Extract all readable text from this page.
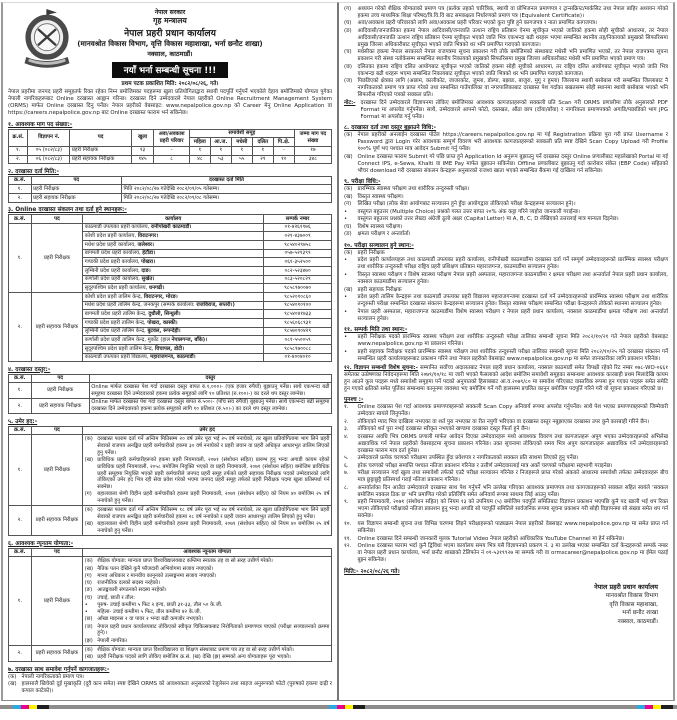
नेपाल सरकार
गृह मन्त्रालय
नेपाल प्रहरी प्रधान कार्यालय
(मानवश्रोत विकास विभाग, वृत्ति विकास महाशाखा, भर्ना छनौट शाखा)
नक्साल, काठमाडौं।
नयाँ भर्ना सम्बन्धी सूचना !!!
प्रथम पटक प्रकाशित मिति: २०८२/०८/२६, गते।

नेपाल प्रहरीमा जनपद प्रहरी समूहतर्फ रिक्त रहेका निम्न बमोजिमका पदहरूमा खुला प्रतियोगिताद्वारा स्थायी पदपूर्ति गर्नुपर्ने भएकोले देहाय बमोजिमको योग्यता पुगेका नेपाली नागरिकहरूबाट Online दरखास्त आह्वान गरिन्छ। दरखास्त दिने उम्मेदवारले नेपाल प्रहरीको Online Recruitment Management System (ORMS) मार्फत Online दरखास्त दिनु पर्नेछ। नेपाल प्रहरीको वेबसाइट: www.nepalpolice.gov.np को Career मेनु Online Application वा https://careers.nepalpolice.gov.np बाट Online दरखास्त फाराम भर्न सकिनेछ।

१. आवश्यक माग पद संख्या:-
क्र.सं.	विज्ञापन नं.	पद	खुला	अवा/अवकाश प्रहरी परिवार	समावेशी समूह					जम्मा माग पद संख्या
					महिला	आ.ज.	मधेसी	दलित	पि.क्षे.	
१.	०५ (०८२/८३)	प्रहरी निरीक्षक	१३	-	१	१	१	१	-	१७
२.	०६ (०८२/८३)	प्रहरी सहायक निरीक्षक	१४५	८	४८	५३	५५	२९	१०	३४८
२. दरखास्त दर्ता मिति:-
क्र.सं.	पद	दरखास्त दर्ता मिति
१.	प्रहरी निरीक्षक	मिति २०८२/०८/२७ गतेदेखि २०८२/०९/०५ गतेसम्म।
२.	प्रहरी सहायक निरीक्षक	मिति २०८२/०८/२७ गतेदेखि २०८२/०९/०८ गतेसम्म।
३. Online दरखास्त संकलन तथा दर्ता हुने स्थानहरू:-
क्र.सं.	पद	कार्यालय	सम्पर्क नम्बर
१.	प्रहरी निरीक्षक	काठमाडौं उपत्यका प्रहरी कार्यालय, रानीपोखरी काठमाडौं।	०१-४२६१९७६
		कोशी प्रदेश प्रहरी कार्यालय, विराटनगर।	०२१-४३७००९
		मधेश प्रदेश प्रहरी कार्यालय, जलेश्वर।	९८५४०२९७५८
		बागमती प्रदेश प्रहरी कार्यालय, हेटौंडा।	०५७-५२१३९९
		गण्डकी प्रदेश प्रहरी कार्यालय, पोखरा।	०६१-३५२५००
		लुम्बिनी प्रदेश प्रहरी कार्यालय, दाङ।	०८२-५२३४७०
		कर्णाली प्रदेश प्रहरी कार्यालय, सुर्खेत।	०८३-५२०८२९
		सुदूरपश्चिम प्रदेश प्रहरी कार्यालय, धनगढी।	९८५८९७००७०
२.	प्रहरी सहायक निरीक्षक	कोशी प्रदेश प्रहरी तालिम केन्द्र, विराटनगर, मोरङ।	९८५२०१०८६०
		मधेश प्रदेश प्रहरी तालिम केन्द्र, जनकपुर (सम्पर्क कार्यालय: राजविराज, सप्तरी।)	९८५४०१०१००
		बागमती प्रदेश प्रहरी तालिम केन्द्र, दुधौली, सिन्धुली।	९८५४०४१७३३
		गण्डकी प्रदेश प्रहरी तालिम केन्द्र, पोखरा, कास्की।	९८५६०६८९३१
		लुम्बिनी प्रदेश प्रहरी तालिम केन्द्र, बुटवल, रूपन्देही।	९८५७०९०४२९
		कर्णाली प्रदेश प्रहरी तालिम केन्द्र, मुर्कोट (हाल नेपालगन्ज, बाँके)।	०८१-५५००५९
		सुदूरपश्चिम प्रदेश प्रहरी तालिम केन्द्र, विचापल, डोटी।	९८५८९७००८८
		काठमाडौं उपत्यका प्रहरी विद्यालय, महाराजगन्ज, काठमाडौं।	०१-४००४०१०
४. दरखास्त दस्तुर:-
क्र.सं.	पद	दस्तुर
१.	प्रहरी निरीक्षक	Online मार्फत दरखास्त पेश गर्दा दरखास्त दस्तुर बापत रु.१,०००।- (एक हजार रुपैयाँ) बुझाउनु पर्नेछ। साथै एकभन्दा बढी समूहमा दरखास्त दिने उम्मेदवारको हकमा प्रत्येक समूहको लागि १० प्रतिशत (रु.१००।-) का दरले थप दस्तुर लाग्नेछ।
२.	प्रहरी सहायक निरीक्षक	Online मार्फत दरखास्त पेश गर्दा दरखास्त दस्तुर बापत रु.५००।- (पाँच सय रुपैयाँ) बुझाउनु पर्नेछ। साथै एकभन्दा बढी समूहमा दरखास्त दिने उम्मेदवारको हकमा प्रत्येक समूहको लागि १० प्रतिशत (रु.५०।-) का दरले थप दस्तुर लाग्नेछ।
५. उमेर हद:-
क्र.सं.	पद	उमेर हद
१.	प्रहरी निरीक्षक	
(क) दरखास्त फाराम दर्ता गर्ने अन्तिम मितिसम्म २० वर्ष उमेर पूरा भई २५ वर्ष ननाघेको, तर खुला प्रतियोगितामा भाग लिने प्रहरी सेवाको राजपत्र अनङ्कित प्रहरी कर्मचारीको हकमा ३० वर्ष ननाघेको र प्रहरी जवान वा प्रहरी अधिकृत आधारभूत तालिम लिएको हुनु पर्नेछ।
(ख) प्राविधिक प्रहरी कर्मचारीहरूको हकमा प्रहरी नियमावली, २०७१ (संशोधन सहित) प्रारम्भ हुनु भन्दा अगाडी कायम रहेको प्राविधिक प्रहरी नियमावली, २०५८ बमोजिम नियुक्ति भएको वा प्रहरी नियमावली, २०७१ (संशोधन सहित) बमोजिम प्राविधिक प्रहरी समूहमा नियुक्ति भएको प्रहरी कर्मचारीले जनपद प्रहरी समूह तर्फको प्रहरी सहायक निरीक्षक पदको उम्मेदवारको लागि तोकिएको उमेर हद भित्र रही सेवा प्रवेश गरेको भएमा जनपद प्रहरी समूह तर्फको प्रहरी निरीक्षक पदमा खुला प्रतिस्पर्धा गर्न सक्नेछ।
(ग)	बहालवाला श्रेणी विहीन प्रहरी कर्मचारीको हकमा प्रहरी नियमावली, २०७१ (संशोधन सहित) को नियम ४० बमोजिम २५ वर्ष ननाघेको हुनु पर्नेछ।

२.	प्रहरी सहायक निरीक्षक	(क) दरखास्त फाराम दर्ता गर्ने अन्तिम मितिसम्म १८ वर्ष उमेर पूरा भई २४ वर्ष ननाघेको, तर खुला प्रतियोगितामा भाग लिने प्रहरी सेवाको राजपत्र अनङ्कित प्रहरी कर्मचारीको हकमा २८ वर्ष ननाघेको र प्रहरी जवान आधारभूत तालिम लिएको हुनु पर्नेछ।
(ख) बहालवाला श्रेणी विहीन प्रहरी कर्मचारीको हकमा प्रहरी नियमावली, २०७१ (संशोधन सहित) को नियम ४० बमोजिम २५ वर्ष ननाघेको हुनु पर्नेछ।
६. आवश्यक न्यूनतम योग्यता:-
क्र.सं.	पद	आवश्यक न्यूनतम योग्यता
१.	प्रहरी निरीक्षक	
(क) शैक्षिक योग्यता: मान्यता प्राप्त विश्वविद्यालयबाट कम्तिमा स्नातक तह वा सो सरह उत्तीर्ण गरेको।
(ख) नैतिक पतन देखिने कुनै फौजदारी अभियोगमा सजाय नपाएको।
(ग)	मानव अधिकार र मानवीय कानूनको उल्लङ्घनमा सजाय नपाएको।
(घ)	राजनीतिक दलको सदस्य नरहेको।
(ङ) आतङ्ककारी संगठनको सदस्य नरहेको।
(च) उचाई, छाती र तौल:
•	पुरुष- उचाई कम्तीमा ५ फिट २ इन्च, छाती ३१-३३, तौल ५० के.जी.
•	महिला- उचाई कम्तीमा ५ फिट, तौल कम्तीमा ४२ के.जी.
(छ) आँखा माइनस २ वा पावर २ भन्दा बढी कमजोर नभएको।
(ज) नेपाल प्रहरी प्रधान कार्यालयबाट तोकिएको स्वीकृत चिकित्सकबाट निरोगिताको प्रमाणपत्र पाएको (परीक्षा सञ्चालनको क्रममा हुने)।
(झ) नेपाली नागरिक।

२.	प्रहरी सहायक निरीक्षक	(क) शैक्षिक योग्यता: मान्यता प्राप्त विश्वविद्यालय वा शिक्षण संस्थाबाट प्रमाण पत्र तह वा सो सरह उत्तीर्ण गरेको।
(ख) प्रहरी निरीक्षक पदको लागि तोकिए बमोजिम क्र.सं. (ख) देखि (झ) सम्मको अन्य योग्यताहरू पूरा भएको।
७. दरखास्त साथ समावेश गर्नुपर्ने कागजातहरू:-
(क) नेपाली नागरिकताको प्रमाण पत्र।
(ख) हालसालै खिचेको दुई मुखाकृति (दुवै कान समेत) स्पष्ट देखिने ORMS को आवश्यकता अनुसारको रेजुलेसन तथा साइज अनुरूपको फोटो (पुरुषको हकमा दाह्री र कपाल काटेको)।
(ग)	अध्ययन गरेको शैक्षिक योग्यताको प्रमाण पत्र (प्रत्येक तहको चारित्रिक, स्थायी वा प्रोभिजनल प्रमाणपत्र र ट्रान्सक्रिप्ट/मार्कसिट तथा नेपाल बाहिर अध्ययन गरेको हकमा उच्च माध्यमिक शिक्षा परिषद/त्रि.वि.वि बाट समकक्षता निर्धारणको प्रमाण पत्र (Equivalent Certificate)।
(घ)	अवा/अवकाश प्रहरी परिवारको लागि अवा/अवकाश प्रहरी परिवार भएको कुरा पुष्टि हुने कागजपत्र र नाता प्रमाणित कागजपत्र।
(ङ)	आदिवासी/जनजातिका हकमा नेपाल आदिवासी/जनजाति उत्थान राष्ट्रिय प्रतिष्ठान ऐनमा सूचीकृत भएको जातिको हकमा सोही सूचीको आधारमा, तर नेपाल आदिवासी/जनजाति उत्थान राष्ट्रिय प्रतिष्ठान ऐनमा सूचीकृत भएको जाति भित्र एकभन्दा बढी थरहरू भएमा सम्बन्धित स्थानीय तह/निकायको प्रमुखको सिफारिसमा प्रमुख जिल्ला अधिकारीबाट सूचीकृत भएको जाति भित्रको थर भनि प्रमाणित गराएको कागजात।
(च)	मधेसीका हकमा नेपाल सरकारले नेपाल राजपत्रमा सूचना प्रकाशन गरी तोके बमोजिमको संस्थाबाट मधेसी भनि प्रमाणित भएको, तर नेपाल राजपत्रमा सूचना प्रकाशन गरी संस्था नतोकेसम्म सम्बन्धित स्थानीय निकायको प्रमुखको सिफारिसमा प्रमुख जिल्ला अधिकारीबाट मधेसी भनि प्रमाणित भएको प्रमाण पत्र।
(छ)	दलितका हकमा राष्ट्रिय दलित आयोगबाट सूचीकृत भएको जातिको हकमा सोही सूचीको आधारमा, तर राष्ट्रिय दलित आयोगबाट सूचीकृत भएको जाति भित्र एकभन्दा बढी थरहरू भएमा सम्बन्धित निकायबाट सूचीकृत भएको जाति भित्रको थर भनि प्रमाणित गराएको कागजात।
(ज) पिछडिएको क्षेत्रका लागि (अछाम, कालीकोट, जाजरकोट, जुम्ला, डोल्पा, बझाङ, बाजुरा, मुगु र हुम्ला) जिल्लामा स्थायी बसोबास गरी सम्बन्धित जिल्लाबाट नै नागरिकताको प्रमाण पत्र प्राप्त गरेको तथा सम्बन्धित गाउँपालिका वा नगरपालिकाबाट दरखास्त पेश गर्दाका बखतसम्म सोही स्थानमा स्थायी बसोबास भएको भनि सिफारीस गरिएको पत्रको सक्कल प्रति।
नोट:- दरखास्त दिने उम्मेदवारले विज्ञापनमा तोकिए बमोजिमका आवश्यक कागजातहरूको सक्कली प्रति Scan गरी ORMS प्रणालीमा तोके अनुसारको PDF Format मा अपलोड गर्नुपर्नेछ। साथै, उम्मेदवारले आफ्नो फोटो, दस्तखत, औंठा छाप (दाँया/बाँया) र नागरिकता प्रमाणपत्रको अगाडि/पछाडिको भाग JPG Format मा अपलोड गर्नु पर्नेछ।
८. दरखास्त दर्ता तथा दस्तुर बुझाउने विधि:-
(क) नेपाल प्रहरीको अनलाईन दरखास्त पोर्टल https://careers.nepalpolice.gov.np मा गई Registration प्रक्रिया पुरा गरी प्राप्त Username र Password द्वारा Login गरेर आवश्यक सम्पूर्ण विवरण भरी आवश्यक कागजातहरूको सक्कली प्रति स्पष्ट देखिने Scan Copy Upload गरी Profile १००% पूर्ण भए पश्चात मात्र आवेदन Submit गर्नु पर्नेछ।
(ख) Online दरखास्त फाराम Submit गरे पछि प्राप्त हुने Application Id अनुरूप बुझाउनु पर्ने दरखास्त दस्तुर Online प्रणालीबाट महालेखाको Portal मा गई Connect IPS, e-Sewa, Khalti वा IME Pay मार्फत बुझाउन सकिनेछ। Offline प्रणालीबाट बुझाउनु गर्दा कारोबार संकेत (EBP Code) सहितको भौचर download गरी दरखास्त संकलन केन्द्रहरू अनुसारको राजश्व खाता भएको सम्बन्धित बैंकमा गई दाखिला गर्न सकिनेछ।
९. परीक्षा विधि:-
(क) प्रारम्भिक स्वास्थ्य परीक्षण तथा शारीरिक तन्दुरुस्ती परीक्षा।
(ख) विस्तृत स्वास्थ्य परीक्षण।
(ग)	लिखित परीक्षा (लोक सेवा आयोगबाट सञ्चालन हुने हुँदा आयोगद्वारा तोकिएको परीक्षा केन्द्रहरूमा सञ्चालन हुने)।
•	वस्तुगत बहुउत्तर (Multiple Choice) प्रश्नको गलत उत्तर बापत २०% अंक कट्टा गरिने व्यहोरा जानकारी गराईन्छ।
•	वस्तुगत बहुउत्तर प्रश्नको उत्तर लेख्दा अंग्रेजी ठूलो अक्षर (Capital Letter) मा A, B, C, D लेखिएको उत्तरलाई मात्र मान्यता दिइनेछ।
(घ)	विशेष स्वास्थ्य परीक्षण।
(ङ)	क्षमता परीक्षण र अन्तर्वार्ता।
१०. परीक्षा सञ्चालन हुने स्थान:-
(क) प्रहरी निरीक्षक
•	प्रदेश प्रहरी कार्यालयहरू तथा काठमाडौं उपत्यका प्रहरी कार्यालय, रानीपोखरी काठमाडौंमा दरखास्त दर्ता गर्ने सम्पूर्ण उम्मेदवारहरूको प्रारम्भिक स्वास्थ्य परीक्षण तथा शारीरिक तन्दुरुस्ती परीक्षा राष्ट्रिय प्रहरी प्रशिक्षण प्रतिष्ठान महाराजगन्ज, काठमाडौंमा सञ्चालन हुनेछ।
•	विस्तृत स्वास्थ्य परीक्षण र विशेष स्वास्थ्य परीक्षण नेपाल प्रहरी अस्पताल, महाराजगन्ज काठमाडौंमा र क्षमता परीक्षण तथा अन्तर्वार्ता नेपाल प्रहरी प्रधान कार्यालय, नक्साल काठमाडौंमा सञ्चालन हुनेछ।
(ख) प्रहरी सहायक निरीक्षक
•	प्रदेश प्रहरी तालिम केन्द्रहरू तथा काठमाडौं उपत्यका प्रहरी विद्यालय महाराजगन्जमा दरखास्त दर्ता गर्ने उम्मेदवारहरूको प्रारम्भिक स्वास्थ्य परीक्षण तथा शारीरिक तन्दुरुस्ती परीक्षा सम्बन्धित दरखास्त संकलन केन्द्रहरूमा सञ्चालन हुनेछ। विस्तृत स्वास्थ्य परीक्षण सम्बन्धित परीक्षा केन्द्रहरूले तोकेको स्थानमा सञ्चालन हुनेछ।
•	नेपाल प्रहरी अस्पताल, महाराजगन्ज काठमाडौंमा विशेष स्वास्थ्य परीक्षण र नेपाल प्रहरी प्रधान कार्यालय, नक्साल काठमाडौंमा क्षमता परीक्षण तथा अन्तर्वार्ता सञ्चालन हुनेछ।
११. सम्पर्क मिति तथा स्थान:-
•	प्रहरी निरीक्षक पदको प्रारम्भिक स्वास्थ्य परीक्षण तथा शारीरिक तन्दुरुस्ती परीक्षा तालिका सम्बन्धी सूचना मिति २०८२/१०/२१ गते नेपाल प्रहरीको वेबसाइट www.nepalpolice.gov.np मा प्रकाशन गरिनेछ।
•	प्रहरी सहायक निरीक्षक पदको प्रारम्भिक स्वास्थ्य परीक्षण तथा शारीरिक तन्दुरुस्ती परीक्षा तालिका सम्बन्धी सूचना मिति २०८२/१०/२५ गते दरखास्त संकलन गर्ने सम्बन्धित प्रहरी कार्यालयहरूबाट प्रकाशन गरिने तथा नेपाल प्रहरीको वेबसाइट www.nepalpolice.gov.np मा समेत जानकारीका लागि प्रकाशन गरिनेछ।

१२. विज्ञापन सम्बन्धी विशेष सूचना:- सम्मानित सर्वोच्च अदालतबाट नेपाल प्रहरी प्रधान कार्यालय, नक्साल काठमाडौं समेत विपक्षी रहेको रिट नम्बर ०७८-WO-०६६१ समेतका उत्प्रेषणका निवेदनहरूमा मिति २०७९/१०/१८ मा जारी भएको फैसलाको आदेश बमोजिम समावेशी समूहका सम्बन्धमा आवश्यक कारबाही प्रथम मिलादेखि कायम हुन आउने कूल पदहरू मध्ये समावेशी समूहमा पर्ने पदको अनुपातको हिसाबबाट आ.व.२०७९/८० मा समावेश गरिएबाट वास्तविक रूपमा हुन गएका पदहरू समेत समेटि हुन गएको क्षतिको समेत पूर्तिका सम्बन्धमा कानूनमा व्यवस्था भए बमोजिम गर्ने गरी हालसम्म प्रचलित कानून बमोजिम पदपूर्ति गरिने गरी यो सूचना प्रकाशन गरिएको छ।

पुनश्च :-
१.	Online दरखास्त पेश गर्दा आवश्यक प्रमाणपत्रहरूको सक्कली Scan Copy अनिवार्य रूपमा अपलोड गर्नुपर्नेछ। साथै पेश भएका प्रमाणपत्रहरूको जिम्मेवारी उम्मेदवार स्वयंले लिनुपर्नेछ।
२.	तोकिएको म्याद भित्र दाखिला नभएका वा शर्त पुरा नभएका वा रीत नपुगी भरिएका वा दरखास्त दस्तुर नबुझाएका दरखास्त उपर कुनै कारबाही गरिने छैन।
३.	तोकिएको शर्त पुरा नभई दरखास्त स्वीकृत नभएको खण्डमा दरखास्त दस्तुर फिर्ता हुने छैन।
४.	दरखास्त अवधि भित्र ORMS प्रणाली मार्फत आवेदन दिएका उम्मेदवारहरू मध्ये आवश्यक विवरण तथा कागजातहरू अपुग भएका उम्मेदवारहरूको अभिलेख अद्यावधिक गर्न नेपाल प्रहरीको वेबसाइटमा सूचना प्रकाशन गरिनेछ। उक्त सूचनामा तोकिएको समय भित्र अपुग कागजातहरू अद्यावधिक गर्ने उम्मेदवारहरूको दरखास्त फाराम मात्र दर्ता हुनेछ।
५.	उम्मेदवारले प्रत्येक चरणको परीक्षामा उपस्थित हुँदा प्रवेशपत्र र नागरिकताको सक्कल प्रति साथमा लिएको हुनु पर्नेछ।
६.	हरेक चरणको परीक्षा समाप्ति पश्चात नतिजा प्रकाशन गरिनेछ र उत्तीर्ण उम्मेदवारलाई मात्र अर्को चरणको परीक्षामा सहभागी गराइनेछ।
७.	परीक्षा सञ्चालन गर्दा खुला तथा समावेशी तर्फको एउटै परीक्षा सञ्चालन गरिनेछ र निजहरूले प्राप्त गरेको अंकको आधारमा समावेशी तर्फका उम्मेदवारहरू बीच मात्र छुट्टाछुट्टै प्रतिस्पर्धा गराई नतिजा प्रकाशन गरिनेछ।
८.	अन्तर्वार्ताका दिन आउँदा उम्मेदवारले दरखास्त साथ पेश गर्नुपर्ने भनि उल्लेख गरिएका आवश्यक प्रमाणपत्र तथा कागजातहरूको सक्कल सहित स्वयंले 'सक्कल बमोजिम नक्कल ठिक छ' भनि प्रमाणित गरेको प्रतिलिपि समेत अनिवार्य रूपमा साथमा लिई आउनु पर्नेछ।
९.	प्रहरी नियमावली, २०७१ (संशोधन सहित) को नियम १३ को उपनियम (५) बमोजिम पदपूर्ति समितिबाट विज्ञापन प्रकाशन भएपछि कुनै पद खाली भई थप रिक्त भएमा तोकिएको परीक्षाको नतिजा प्रकाशन हुनु भन्दा अगाडि सो पदपूर्ति समितिले सार्वजनिक रूपमा सूचना प्रकाशन गरी सोही विज्ञापनमा सो संख्या समेत थप गर्न सक्नेछ।
१०.	यस विज्ञापन सम्बन्धी सूचना तथा विभिन्न चरणमा लिइने परीक्षाहरूको पाठ्यक्रम नेपाल प्रहरीको वेबसाइट www.nepalpolice.gov.np मा समेत प्राप्त गर्न सकिनेछ।
११.	Online दरखास्त दिने सम्बन्धी जानकारी मूलक Tutorial Video नेपाल प्रहरीको आधिकारिक YouTube Channel मा हेर्न सकिनेछ।
१२.	Online दरखास्त फाराम भर्दा कुनै द्विविधा भएमा कार्यालय समय भित्र यसै विज्ञापनको प्रकरण नं. ३ मा उल्लेख भएका सम्बन्धित दर्ता केन्द्रहरूको सम्पर्क नम्बर वा नेपाल प्रहरी प्रधान कार्यालय, भर्ना छनौट शाखाको टेलिफोन नं ०१-५३१९९२७ मा सम्पर्क गरी वा ormscareer@nepalpolice.gov.np मा ईमेल पठाई बुझ्न सकिनेछ।
मिति:- २०८२/०८/२६ गते।
नेपाल प्रहरी प्रधान कार्यालय
मानवश्रोत विकास विभाग
वृत्ति विकास महाशाखा,
भर्ना छनौट शाखा
नक्साल, काठमाडौं।
